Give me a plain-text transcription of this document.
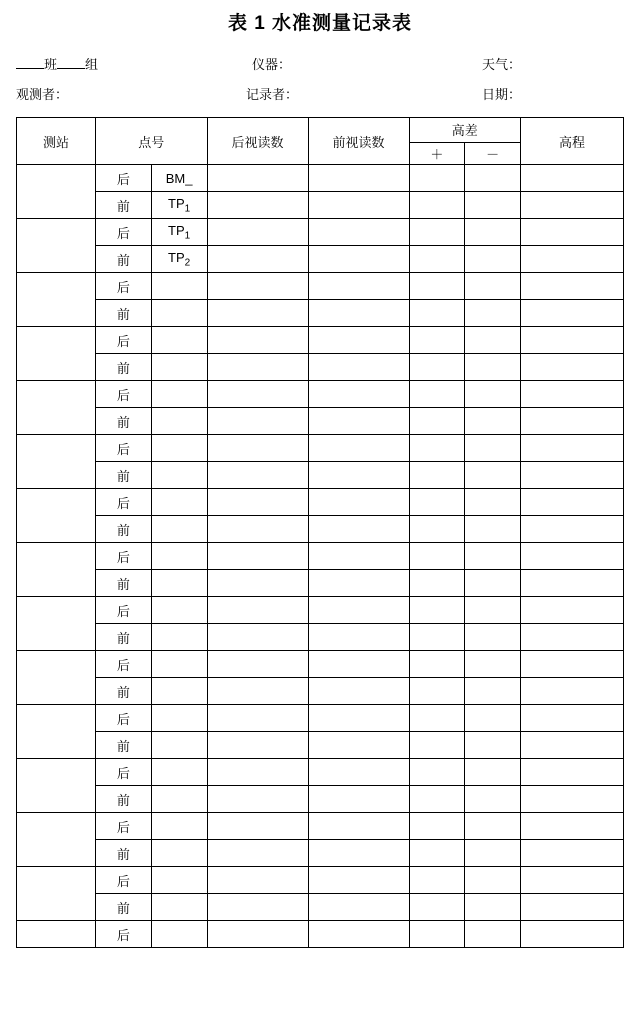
表 1 水准测量记录表
班 组	仪器：	天气：
观测者：	记录者：	日期：
测站	点号		后视读数	前视读数	高差		高程
					＋	－	
	后	BM_					
	前	$TP_1$					
	后	$TP_1$					
	前	$TP_2$					
	后						
	前						
	后						
	前						
	后						
	前						
	后						
	前						
	后						
	前						
	后						
	前						
	后						
	前						
	后						
	前						
	后						
	前						
	后						
	前						
	后						
	前						
	后						
	前						
	后						
